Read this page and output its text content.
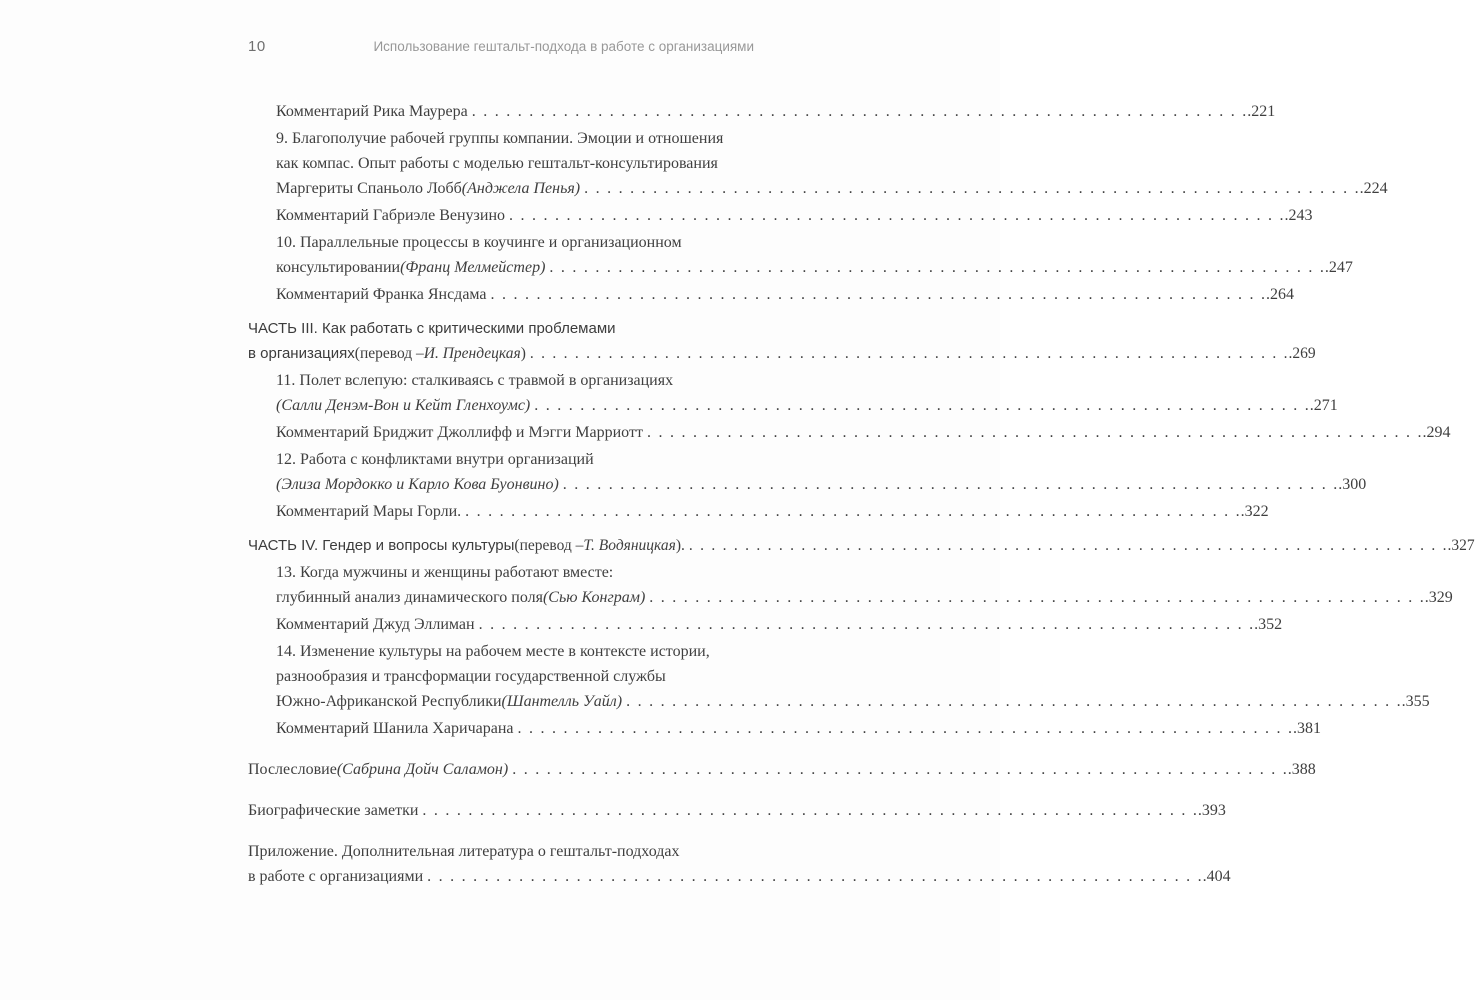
10	Использование гештальт-подхода в работе с организациями
Комментарий Рика Маурера . . .	.221
9. Благополучие рабочей группы компании. Эмоции и отношения
как компас. Опыт работы с моделью гештальт-консультирования
Маргериты Спаньоло Лобб (Анджела Пенья) . . .	.224
Комментарий Габриэле Венузино . . .	.243
10. Параллельные процессы в коучинге и организационном
консультировании (Франц Мелмейстер) . . .	.247
Комментарий Франка Янсдама . . .	.264
ЧАСТЬ III. Как работать с критическими проблемами
в организациях (перевод – И. Прендецкая ) . . .	.269
11. Полет вслепую: сталкиваясь с травмой в организациях
(Салли Денэм-Вон и Кейт Гленхоумс) . . .	.271
Комментарий Бриджит Джоллифф и Мэгги Марриотт . . .	.294
12. Работа с конфликтами внутри организаций
(Элиза Мордокко и Карло Кова Буонвино) . . .	.300
Комментарий Мары Горли. . . .	.322
ЧАСТЬ IV. Гендер и вопросы культуры (перевод – Т. Водяницкая ). . . .	.327
13. Когда мужчины и женщины работают вместе:
глубинный анализ динамического поля (Сью Конграм) . . .	.329
Комментарий Джуд Эллиман . . .	.352
14. Изменение культуры на рабочем месте в контексте истории,
разнообразия и трансформации государственной службы
Южно-Африканской Республики (Шантелль Уайл) . . .	.355
Комментарий Шанила Харичарана . . .	.381
Послесловие (Сабрина Дойч Саламон) . . .	.388
Биографические заметки . . .	.393
Приложение. Дополнительная литература о гештальт-подходах
в работе с организациями . . .	.404
